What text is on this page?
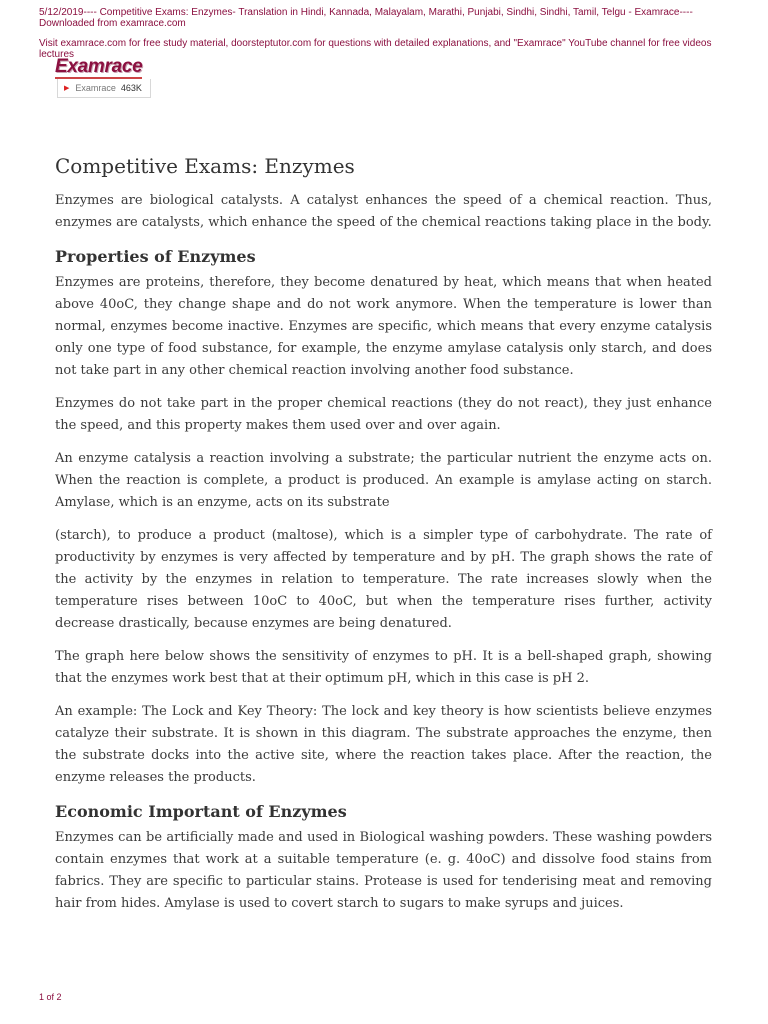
5/12/2019---- Competitive Exams: Enzymes- Translation in Hindi, Kannada, Malayalam, Marathi, Punjabi, Sindhi, Sindhi, Tamil, Telgu - Examrace---- Downloaded from examrace.com
Visit examrace.com for free study material, doorsteptutor.com for questions with detailed explanations, and "Examrace" YouTube channel for free videos lectures
Examrace
▶ Examrace 463K
Competitive Exams: Enzymes

Enzymes are biological catalysts. A catalyst enhances the speed of a chemical reaction. Thus, enzymes are catalysts, which enhance the speed of the chemical reactions taking place in the body.

Properties of Enzymes

Enzymes are proteins, therefore, they become denatured by heat, which means that when heated above 40oC, they change shape and do not work anymore. When the temperature is lower than normal, enzymes become inactive. Enzymes are specific, which means that every enzyme catalysis only one type of food substance, for example, the enzyme amylase catalysis only starch, and does not take part in any other chemical reaction involving another food substance.

Enzymes do not take part in the proper chemical reactions (they do not react), they just enhance the speed, and this property makes them used over and over again.

An enzyme catalysis a reaction involving a substrate; the particular nutrient the enzyme acts on. When the reaction is complete, a product is produced. An example is amylase acting on starch. Amylase, which is an enzyme, acts on its substrate

(starch), to produce a product (maltose), which is a simpler type of carbohydrate. The rate of productivity by enzymes is very affected by temperature and by pH. The graph shows the rate of the activity by the enzymes in relation to temperature. The rate increases slowly when the temperature rises between 10oC to 40oC, but when the temperature rises further, activity decrease drastically, because enzymes are being denatured.

The graph here below shows the sensitivity of enzymes to pH. It is a bell-shaped graph, showing that the enzymes work best that at their optimum pH, which in this case is pH 2.

An example: The Lock and Key Theory: The lock and key theory is how scientists believe enzymes catalyze their substrate. It is shown in this diagram. The substrate approaches the enzyme, then the substrate docks into the active site, where the reaction takes place. After the reaction, the enzyme releases the products.

Economic Important of Enzymes

Enzymes can be artificially made and used in Biological washing powders. These washing powders contain enzymes that work at a suitable temperature (e. g. 40oC) and dissolve food stains from fabrics. They are specific to particular stains. Protease is used for tenderising meat and removing hair from hides. Amylase is used to covert starch to sugars to make syrups and juices.

1 of 2
